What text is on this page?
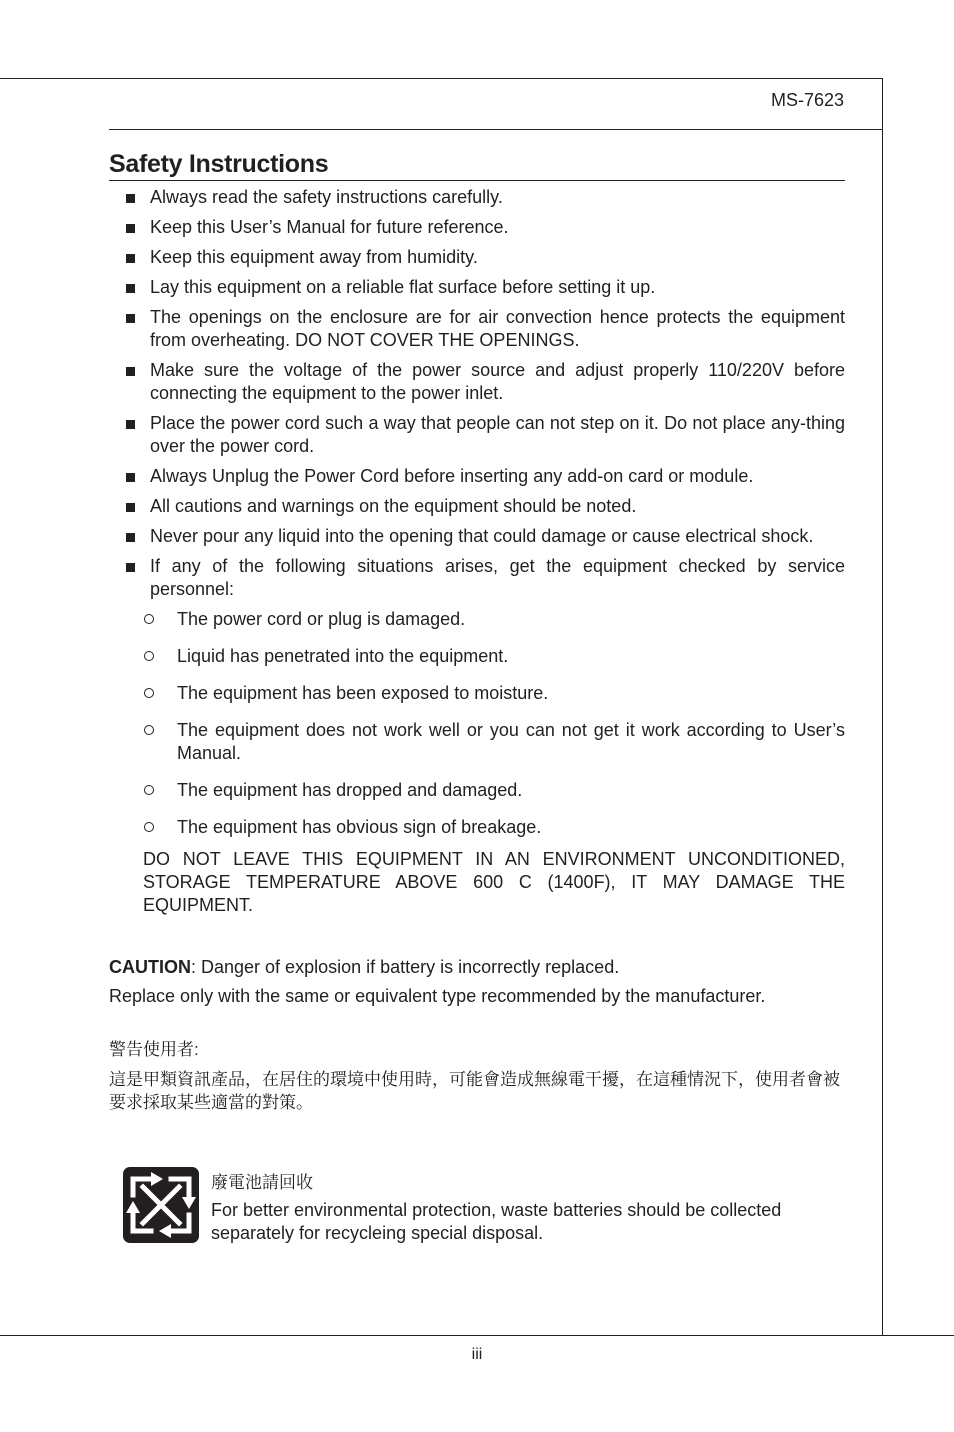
MS-7623
Safety Instructions
Always read the safety instructions carefully.
Keep this User’s Manual for future reference.
Keep this equipment away from humidity.
Lay this equipment on a reliable flat surface before setting it up.
The openings on the enclosure are for air convection hence protects the equipment from overheating. DO NOT COVER THE OPENINGS.
Make sure the voltage of the power source and adjust properly 110/220V before connecting the equipment to the power inlet.
Place the power cord such a way that people can not step on it. Do not place any-thing over the power cord.
Always Unplug the Power Cord before inserting any add-on card or module.
All cautions and warnings on the equipment should be noted.
Never pour any liquid into the opening that could damage or cause electrical shock.
If any of the following situations arises, get the equipment checked by service personnel:
The power cord or plug is damaged.
Liquid has penetrated into the equipment.
The equipment has been exposed to moisture.
The equipment does not work well or you can not get it work according to User’s Manual.
The equipment has dropped and damaged.
The equipment has obvious sign of breakage.
DO NOT LEAVE THIS EQUIPMENT IN AN ENVIRONMENT UNCONDITIONED, STORAGE TEMPERATURE ABOVE 600 C (1400F), IT MAY DAMAGE THE EQUIPMENT.
CAUTION: Danger of explosion if battery is incorrectly replaced.
Replace only with the same or equivalent type recommended by the manufacturer.
警告使用者:
這是甲類資訊產品，在居住的環境中使用時，可能會造成無線電干擾，在這種情況下，使用者會被要求採取某些適當的對策。
廢電池請回收
For better environmental protection, waste batteries should be collected separately for recycleing special disposal.
iii
